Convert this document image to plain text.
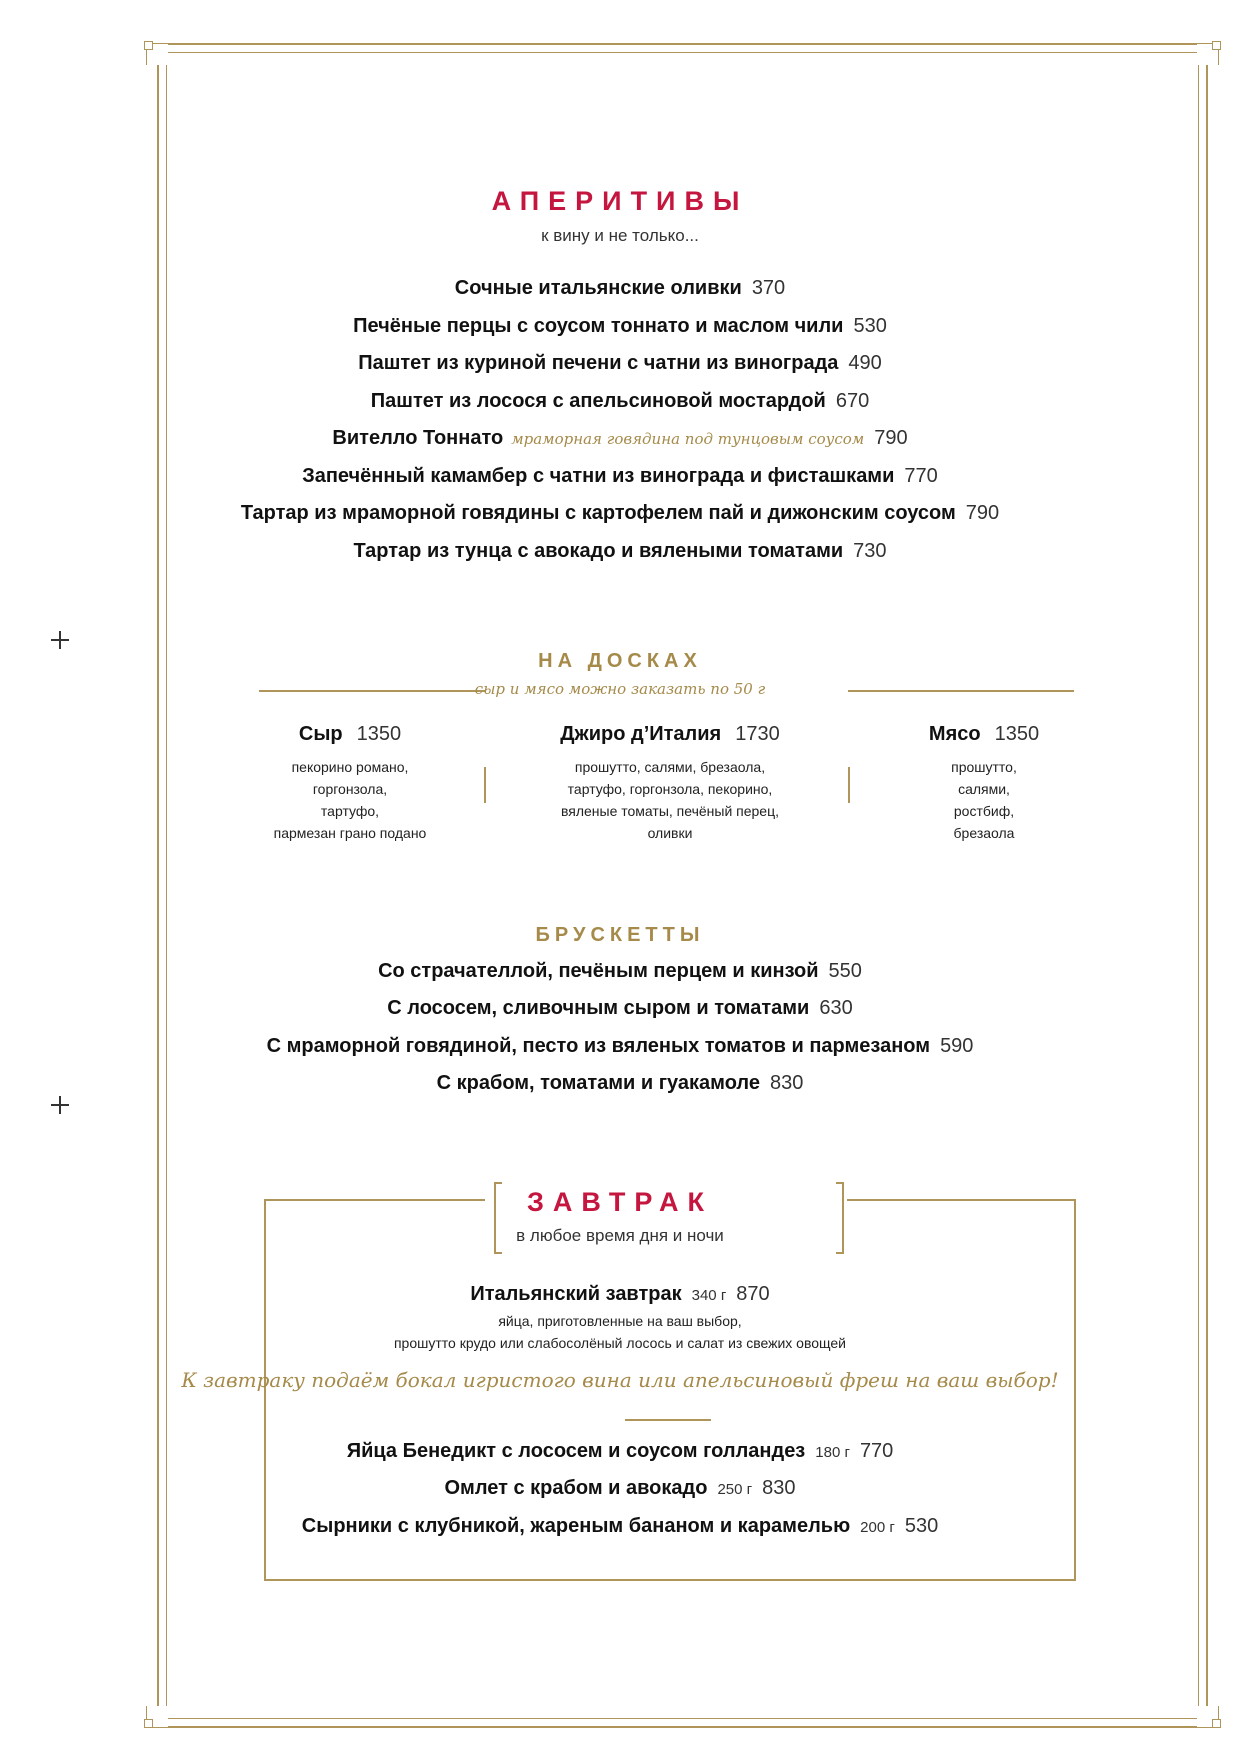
АПЕРИТИВЫ
к вину и не только...
Сочные итальянские оливки 370
Печёные перцы с соусом тоннато и маслом чили 530
Паштет из куриной печени с чатни из винограда 490
Паштет из лосося с апельсиновой мостардой 670
Вителло Тоннато мраморная говядина под тунцовым соусом 790
Запечённый камамбер с чатни из винограда и фисташками 770
Тартар из мраморной говядины с картофелем пай и дижонским соусом 790
Тартар из тунца с авокадо и вялеными томатами 730
НА ДОСКАХ
сыр и мясо можно заказать по 50 г
Сыр 1350
пекорино романо,
горгонзола,
тартуфо,
пармезан грано подано
Джиро д’Италия 1730
прошутто, салями, брезаола,
тартуфо, горгонзола, пекорино,
вяленые томаты, печёный перец,
оливки
Мясо 1350
прошутто,
салями,
ростбиф,
брезаола
БРУСКЕТТЫ
Со страчателлой, печёным перцем и кинзой 550
С лососем, сливочным сыром и томатами 630
С мраморной говядиной, песто из вяленых томатов и пармезаном 590
С крабом, томатами и гуакамоле 830
ЗАВТРАК
в любое время дня и ночи
Итальянский завтрак 340 г 870
яйца, приготовленные на ваш выбор,
прошутто крудо или слабосолёный лосось и салат из свежих овощей
К завтраку подаём бокал игристого вина или апельсиновый фреш на ваш выбор!
Яйца Бенедикт с лососем и соусом голландез 180 г 770
Омлет с крабом и авокадо 250 г 830
Сырники с клубникой, жареным бананом и карамелью 200 г 530
